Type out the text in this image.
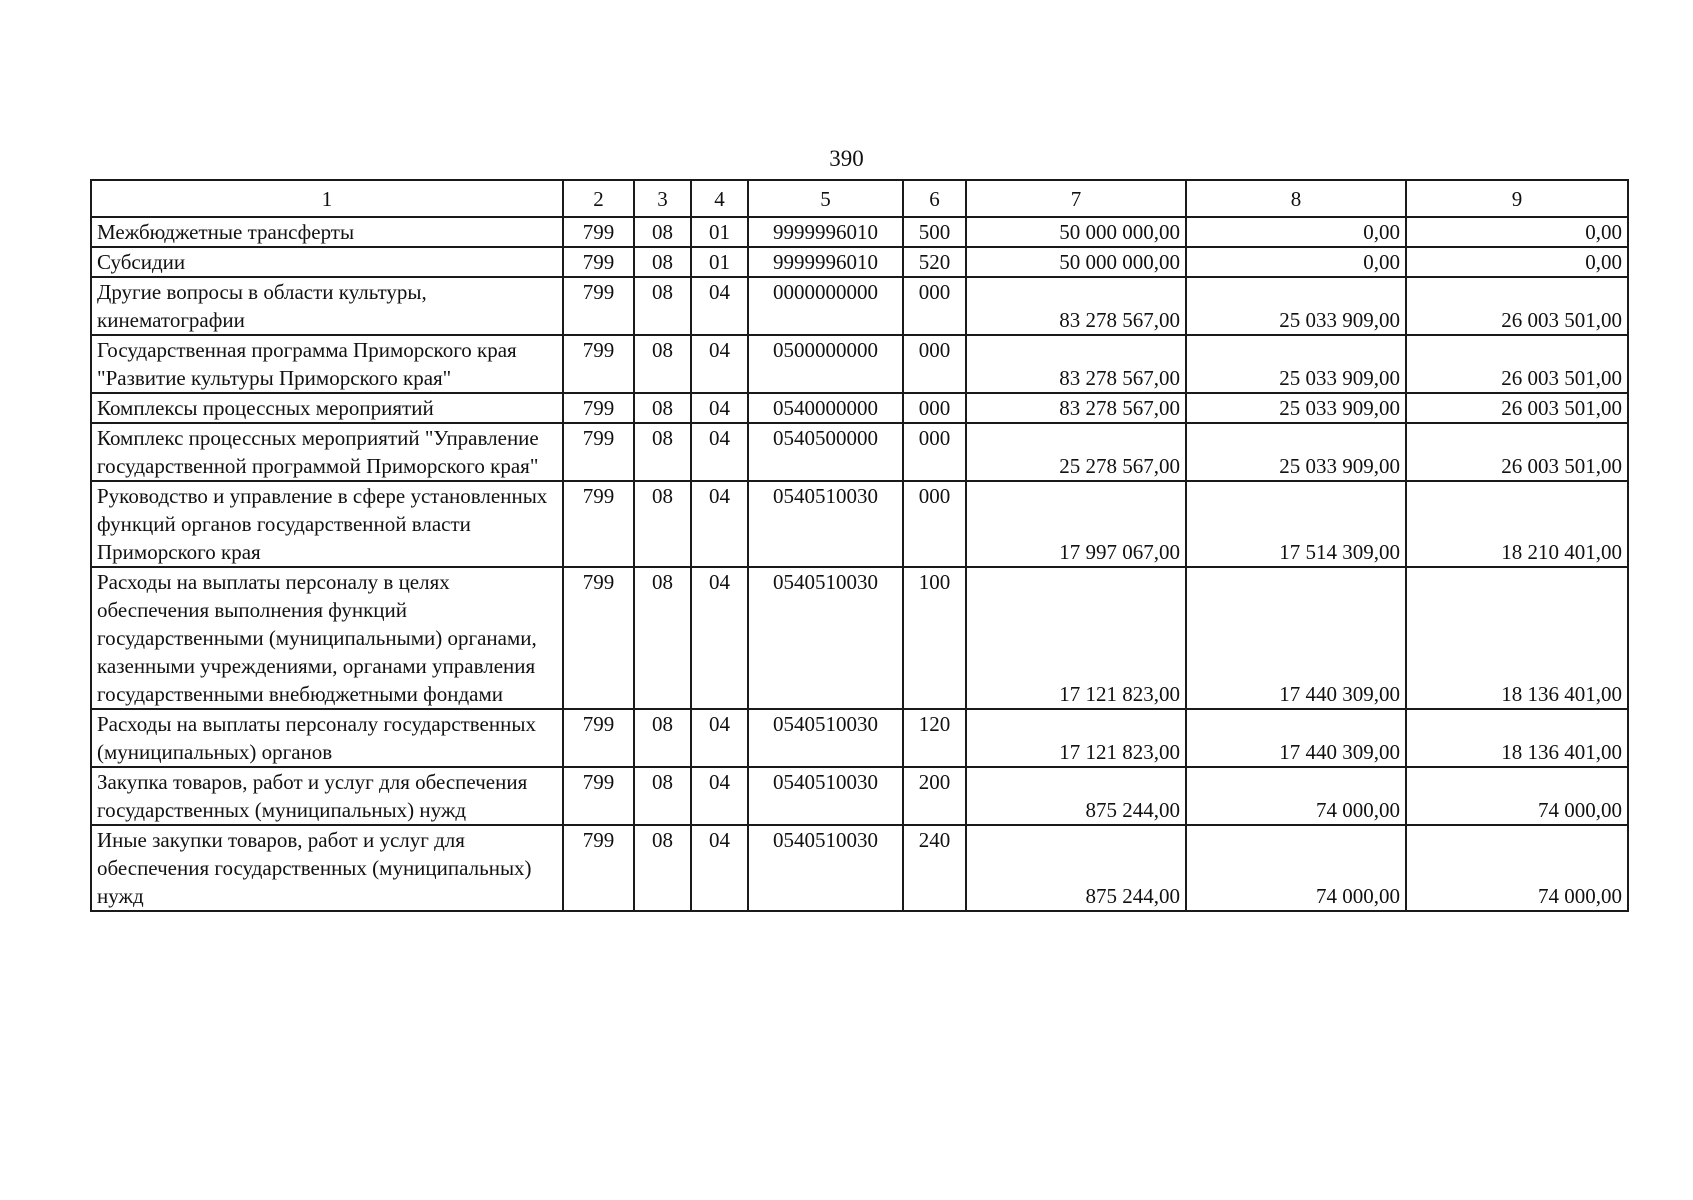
390
1	2	3	4	5	6	7	8	9
Межбюджетные трансферты	799	08	01	9999996010	500	50 000 000,00	0,00	0,00
Субсидии	799	08	01	9999996010	520	50 000 000,00	0,00	0,00
Другие вопросы в области культуры, кинематографии	799	08	04	0000000000	000	83 278 567,00	25 033 909,00	26 003 501,00
Государственная программа Приморского края "Развитие культуры Приморского края"	799	08	04	0500000000	000	83 278 567,00	25 033 909,00	26 003 501,00
Комплексы процессных мероприятий	799	08	04	0540000000	000	83 278 567,00	25 033 909,00	26 003 501,00
Комплекс процессных мероприятий "Управление государственной программой Приморского края"	799	08	04	0540500000	000	25 278 567,00	25 033 909,00	26 003 501,00
Руководство и управление в сфере установленных функций органов государственной власти Приморского края	799	08	04	0540510030	000	17 997 067,00	17 514 309,00	18 210 401,00
Расходы на выплаты персоналу в целях обеспечения выполнения функций государственными (муниципальными) органами, казенными учреждениями, органами управления государственными внебюджетными фондами	799	08	04	0540510030	100	17 121 823,00	17 440 309,00	18 136 401,00
Расходы на выплаты персоналу государственных (муниципальных) органов	799	08	04	0540510030	120	17 121 823,00	17 440 309,00	18 136 401,00
Закупка товаров, работ и услуг для обеспечения государственных (муниципальных) нужд	799	08	04	0540510030	200	875 244,00	74 000,00	74 000,00
Иные закупки товаров, работ и услуг для обеспечения государственных (муниципальных) нужд	799	08	04	0540510030	240	875 244,00	74 000,00	74 000,00
